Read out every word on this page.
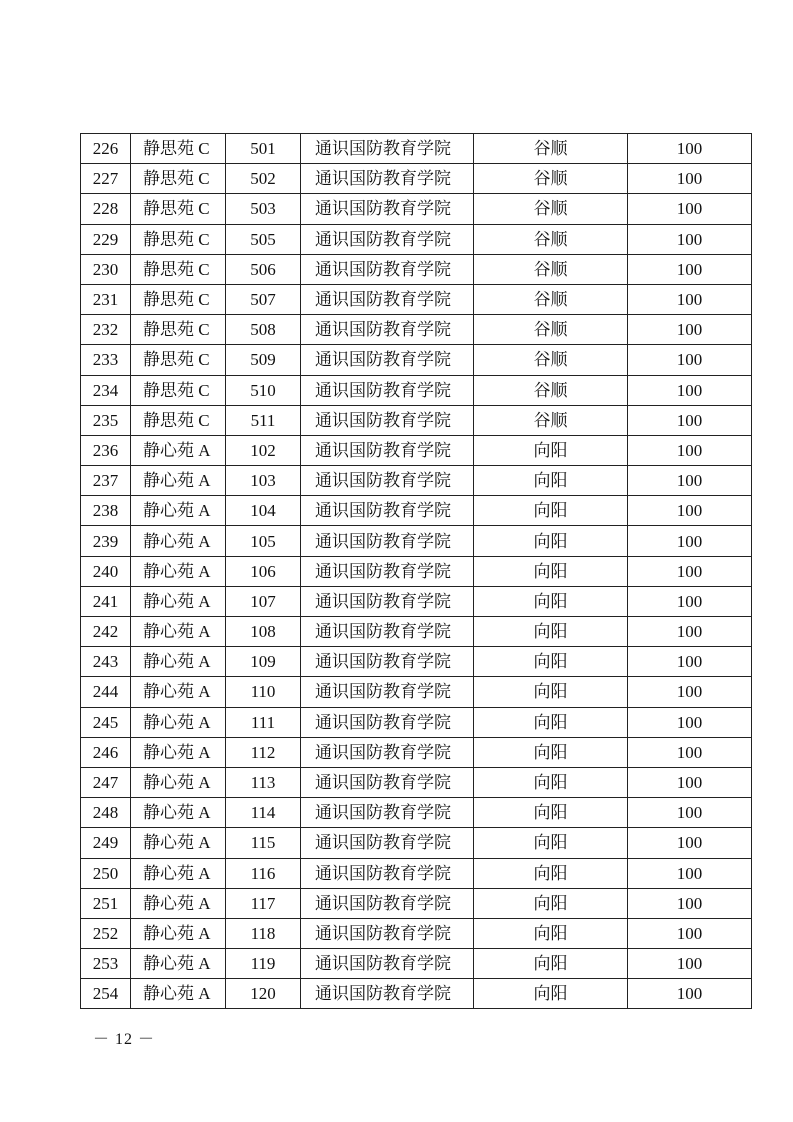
226	静思苑 C	501	通识国防教育学院	谷顺	100
227	静思苑 C	502	通识国防教育学院	谷顺	100
228	静思苑 C	503	通识国防教育学院	谷顺	100
229	静思苑 C	505	通识国防教育学院	谷顺	100
230	静思苑 C	506	通识国防教育学院	谷顺	100
231	静思苑 C	507	通识国防教育学院	谷顺	100
232	静思苑 C	508	通识国防教育学院	谷顺	100
233	静思苑 C	509	通识国防教育学院	谷顺	100
234	静思苑 C	510	通识国防教育学院	谷顺	100
235	静思苑 C	511	通识国防教育学院	谷顺	100
236	静心苑 A	102	通识国防教育学院	向阳	100
237	静心苑 A	103	通识国防教育学院	向阳	100
238	静心苑 A	104	通识国防教育学院	向阳	100
239	静心苑 A	105	通识国防教育学院	向阳	100
240	静心苑 A	106	通识国防教育学院	向阳	100
241	静心苑 A	107	通识国防教育学院	向阳	100
242	静心苑 A	108	通识国防教育学院	向阳	100
243	静心苑 A	109	通识国防教育学院	向阳	100
244	静心苑 A	110	通识国防教育学院	向阳	100
245	静心苑 A	111	通识国防教育学院	向阳	100
246	静心苑 A	112	通识国防教育学院	向阳	100
247	静心苑 A	113	通识国防教育学院	向阳	100
248	静心苑 A	114	通识国防教育学院	向阳	100
249	静心苑 A	115	通识国防教育学院	向阳	100
250	静心苑 A	116	通识国防教育学院	向阳	100
251	静心苑 A	117	通识国防教育学院	向阳	100
252	静心苑 A	118	通识国防教育学院	向阳	100
253	静心苑 A	119	通识国防教育学院	向阳	100
254	静心苑 A	120	通识国防教育学院	向阳	100
－ 12 －
